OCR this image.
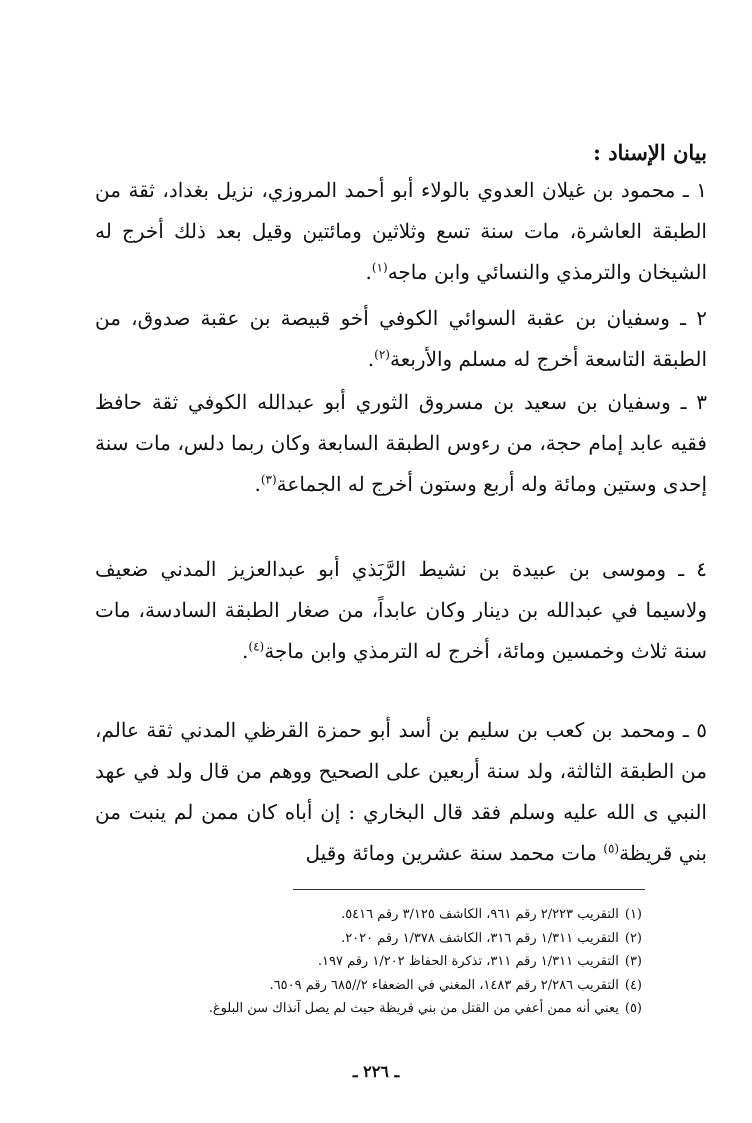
بيان الإسناد :

١ ـ محمود بن غيلان العدوي بالولاء أبو أحمد المروزي، نزيل بغداد، ثقة من الطبقة العاشرة، مات سنة تسع وثلاثين ومائتين وقيل بعد ذلك أخرج له الشيخان والترمذي والنسائي وابن ماجه$^{(١)}$.

٢ ـ وسفيان بن عقبة السوائي الكوفي أخو قبيصة بن عقبة صدوق، من الطبقة التاسعة أخرج له مسلم والأربعة$^{(٢)}$.

٣ ـ وسفيان بن سعيد بن مسروق الثوري أبو عبدالله الكوفي ثقة حافظ فقيه عابد إمام حجة، من رءوس الطبقة السابعة وكان ربما دلس، مات سنة إحدى وستين ومائة وله أربع وستون أخرج له الجماعة$^{(٣)}$.

٤ ـ وموسى بن عبيدة بن نشيط الرَّبَذي أبو عبدالعزيز المدني ضعيف ولاسيما في عبدالله بن دينار وكان عابداً، من صغار الطبقة السادسة، مات سنة ثلاث وخمسين ومائة، أخرج له الترمذي وابن ماجة$^{(٤)}$.

٥ ـ ومحمد بن كعب بن سليم بن أسد أبو حمزة القرظي المدني ثقة عالم، من الطبقة الثالثة، ولد سنة أربعين على الصحيح ووهم من قال ولد في عهد النبي ى الله عليه وسلم فقد قال البخاري : إن أباه كان ممن لم ينبت من بني قريظة$^{(٥)}$ مات محمد سنة عشرين ومائة وقيل

(١)التقريب ٢/٢٢٣ رقم ٩٦١، الكاشف ٣/١٢٥ رقم ٥٤١٦.
(٢)التقريب ١/٣١١ رقم ٣١٦، الكاشف ١/٣٧٨ رقم ٢٠٢٠.
(٣)التقريب ١/٣١١ رقم ٣١١، تذكرة الحفاظ ١/٢٠٢ رقم ١٩٧.
(٤)التقريب ٢/٢٨٦ رقم ١٤٨٣، المغني في الضعفاء ٢//٦٨٥ رقم ٦٥٠٩.
(٥)يعني أنه ممن أعفي من القتل من بني قريظة حيث لم يصل آنذاك سن البلوغ.
ـ ٢٢٦ ـ
